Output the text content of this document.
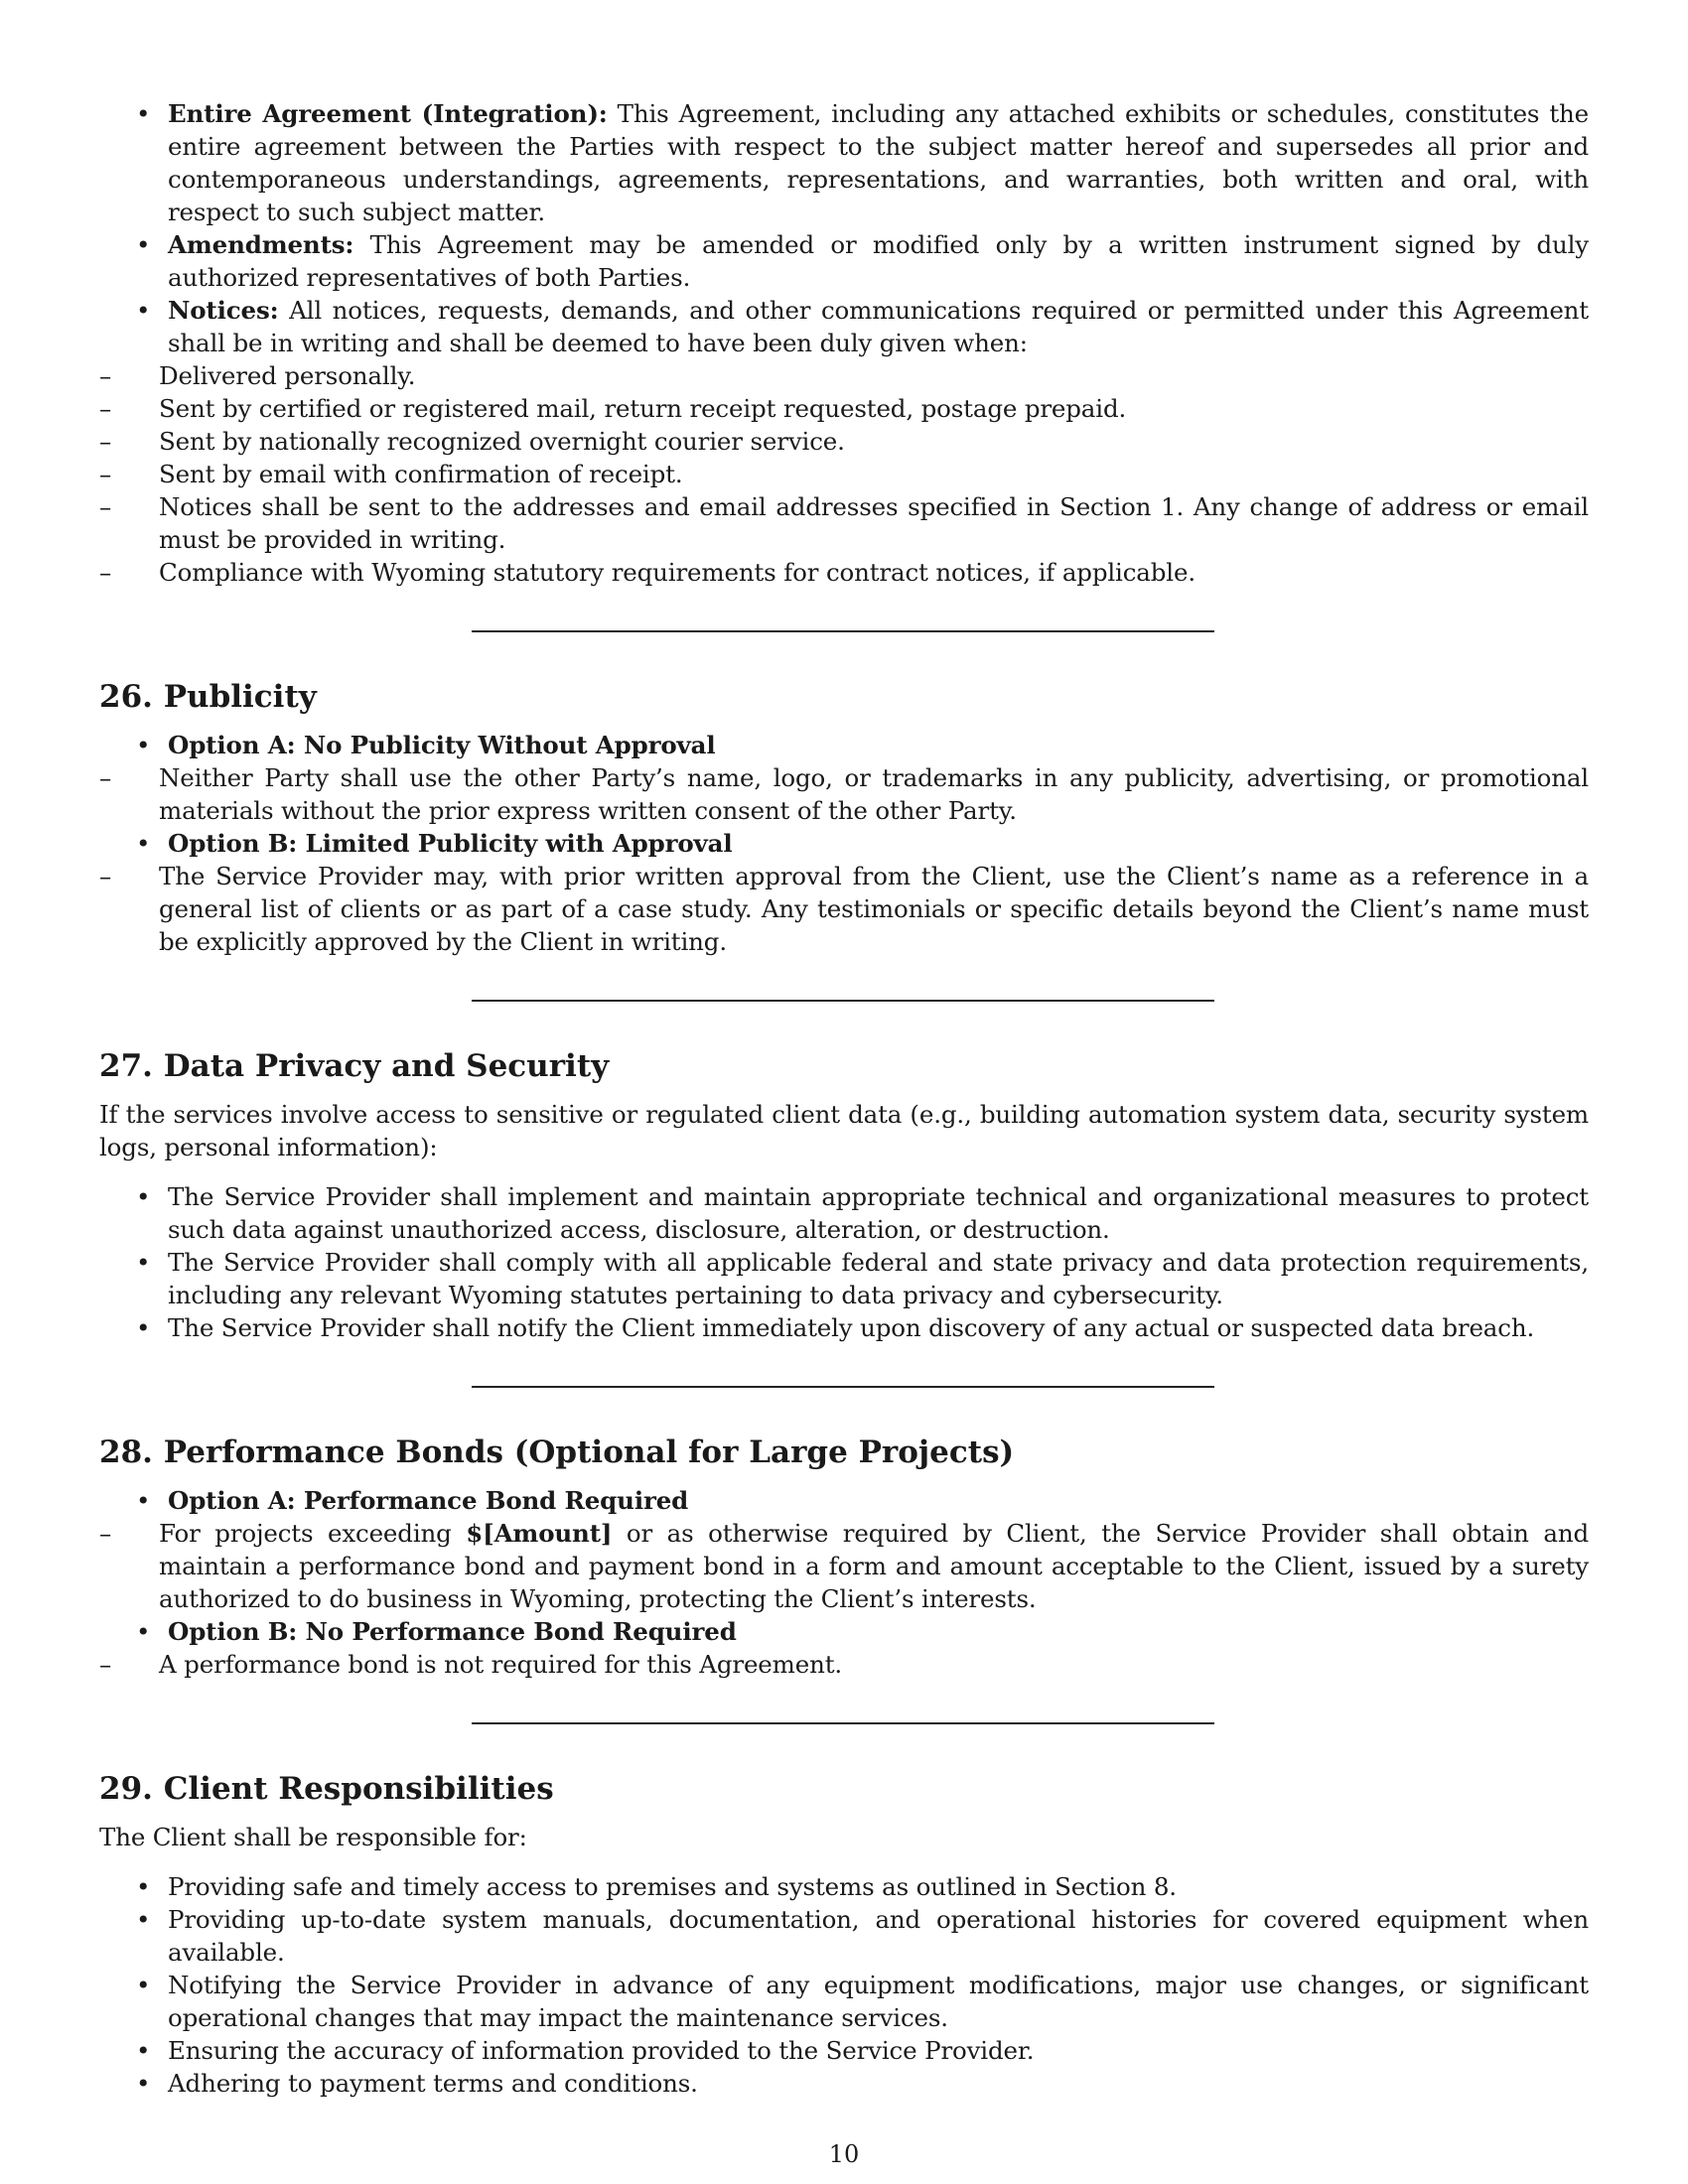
• Entire Agreement (Integration): This Agreement, including any attached exhibits or schedules, constitutes the entire agreement between the Parties with respect to the subject matter hereof and supersedes all prior and contemporaneous understandings, agreements, representations, and warranties, both written and oral, with respect to such subject matter.
• Amendments: This Agreement may be amended or modified only by a written instrument signed by duly authorized representatives of both Parties.
• Notices: All notices, requests, demands, and other communications required or permitted under this Agreement shall be in writing and shall be deemed to have been duly given when:
– Delivered personally.
– Sent by certified or registered mail, return receipt requested, postage prepaid.
– Sent by nationally recognized overnight courier service.
– Sent by email with confirmation of receipt.
– Notices shall be sent to the addresses and email addresses specified in Section 1. Any change of address or email must be provided in writing.
– Compliance with Wyoming statutory requirements for contract notices, if applicable.
26. Publicity
• Option A: No Publicity Without Approval
– Neither Party shall use the other Party’s name, logo, or trademarks in any publicity, advertising, or promotional materials without the prior express written consent of the other Party.
• Option B: Limited Publicity with Approval
– The Service Provider may, with prior written approval from the Client, use the Client’s name as a reference in a general list of clients or as part of a case study. Any testimonials or specific details beyond the Client’s name must be explicitly approved by the Client in writing.
27. Data Privacy and Security

If the services involve access to sensitive or regulated client data (e.g., building automation system data, security system logs, personal information):

• The Service Provider shall implement and maintain appropriate technical and organizational measures to protect such data against unauthorized access, disclosure, alteration, or destruction.
• The Service Provider shall comply with all applicable federal and state privacy and data protection requirements, including any relevant Wyoming statutes pertaining to data privacy and cybersecurity.
• The Service Provider shall notify the Client immediately upon discovery of any actual or suspected data breach.
28. Performance Bonds (Optional for Large Projects)
• Option A: Performance Bond Required
– For projects exceeding $[Amount] or as otherwise required by Client, the Service Provider shall obtain and maintain a performance bond and payment bond in a form and amount acceptable to the Client, issued by a surety authorized to do business in Wyoming, protecting the Client’s interests.
• Option B: No Performance Bond Required
– A performance bond is not required for this Agreement.
29. Client Responsibilities

The Client shall be responsible for:

• Providing safe and timely access to premises and systems as outlined in Section 8.
• Providing up-to-date system manuals, documentation, and operational histories for covered equipment when available.
• Notifying the Service Provider in advance of any equipment modifications, major use changes, or significant operational changes that may impact the maintenance services.
• Ensuring the accuracy of information provided to the Service Provider.
• Adhering to payment terms and conditions.
10
